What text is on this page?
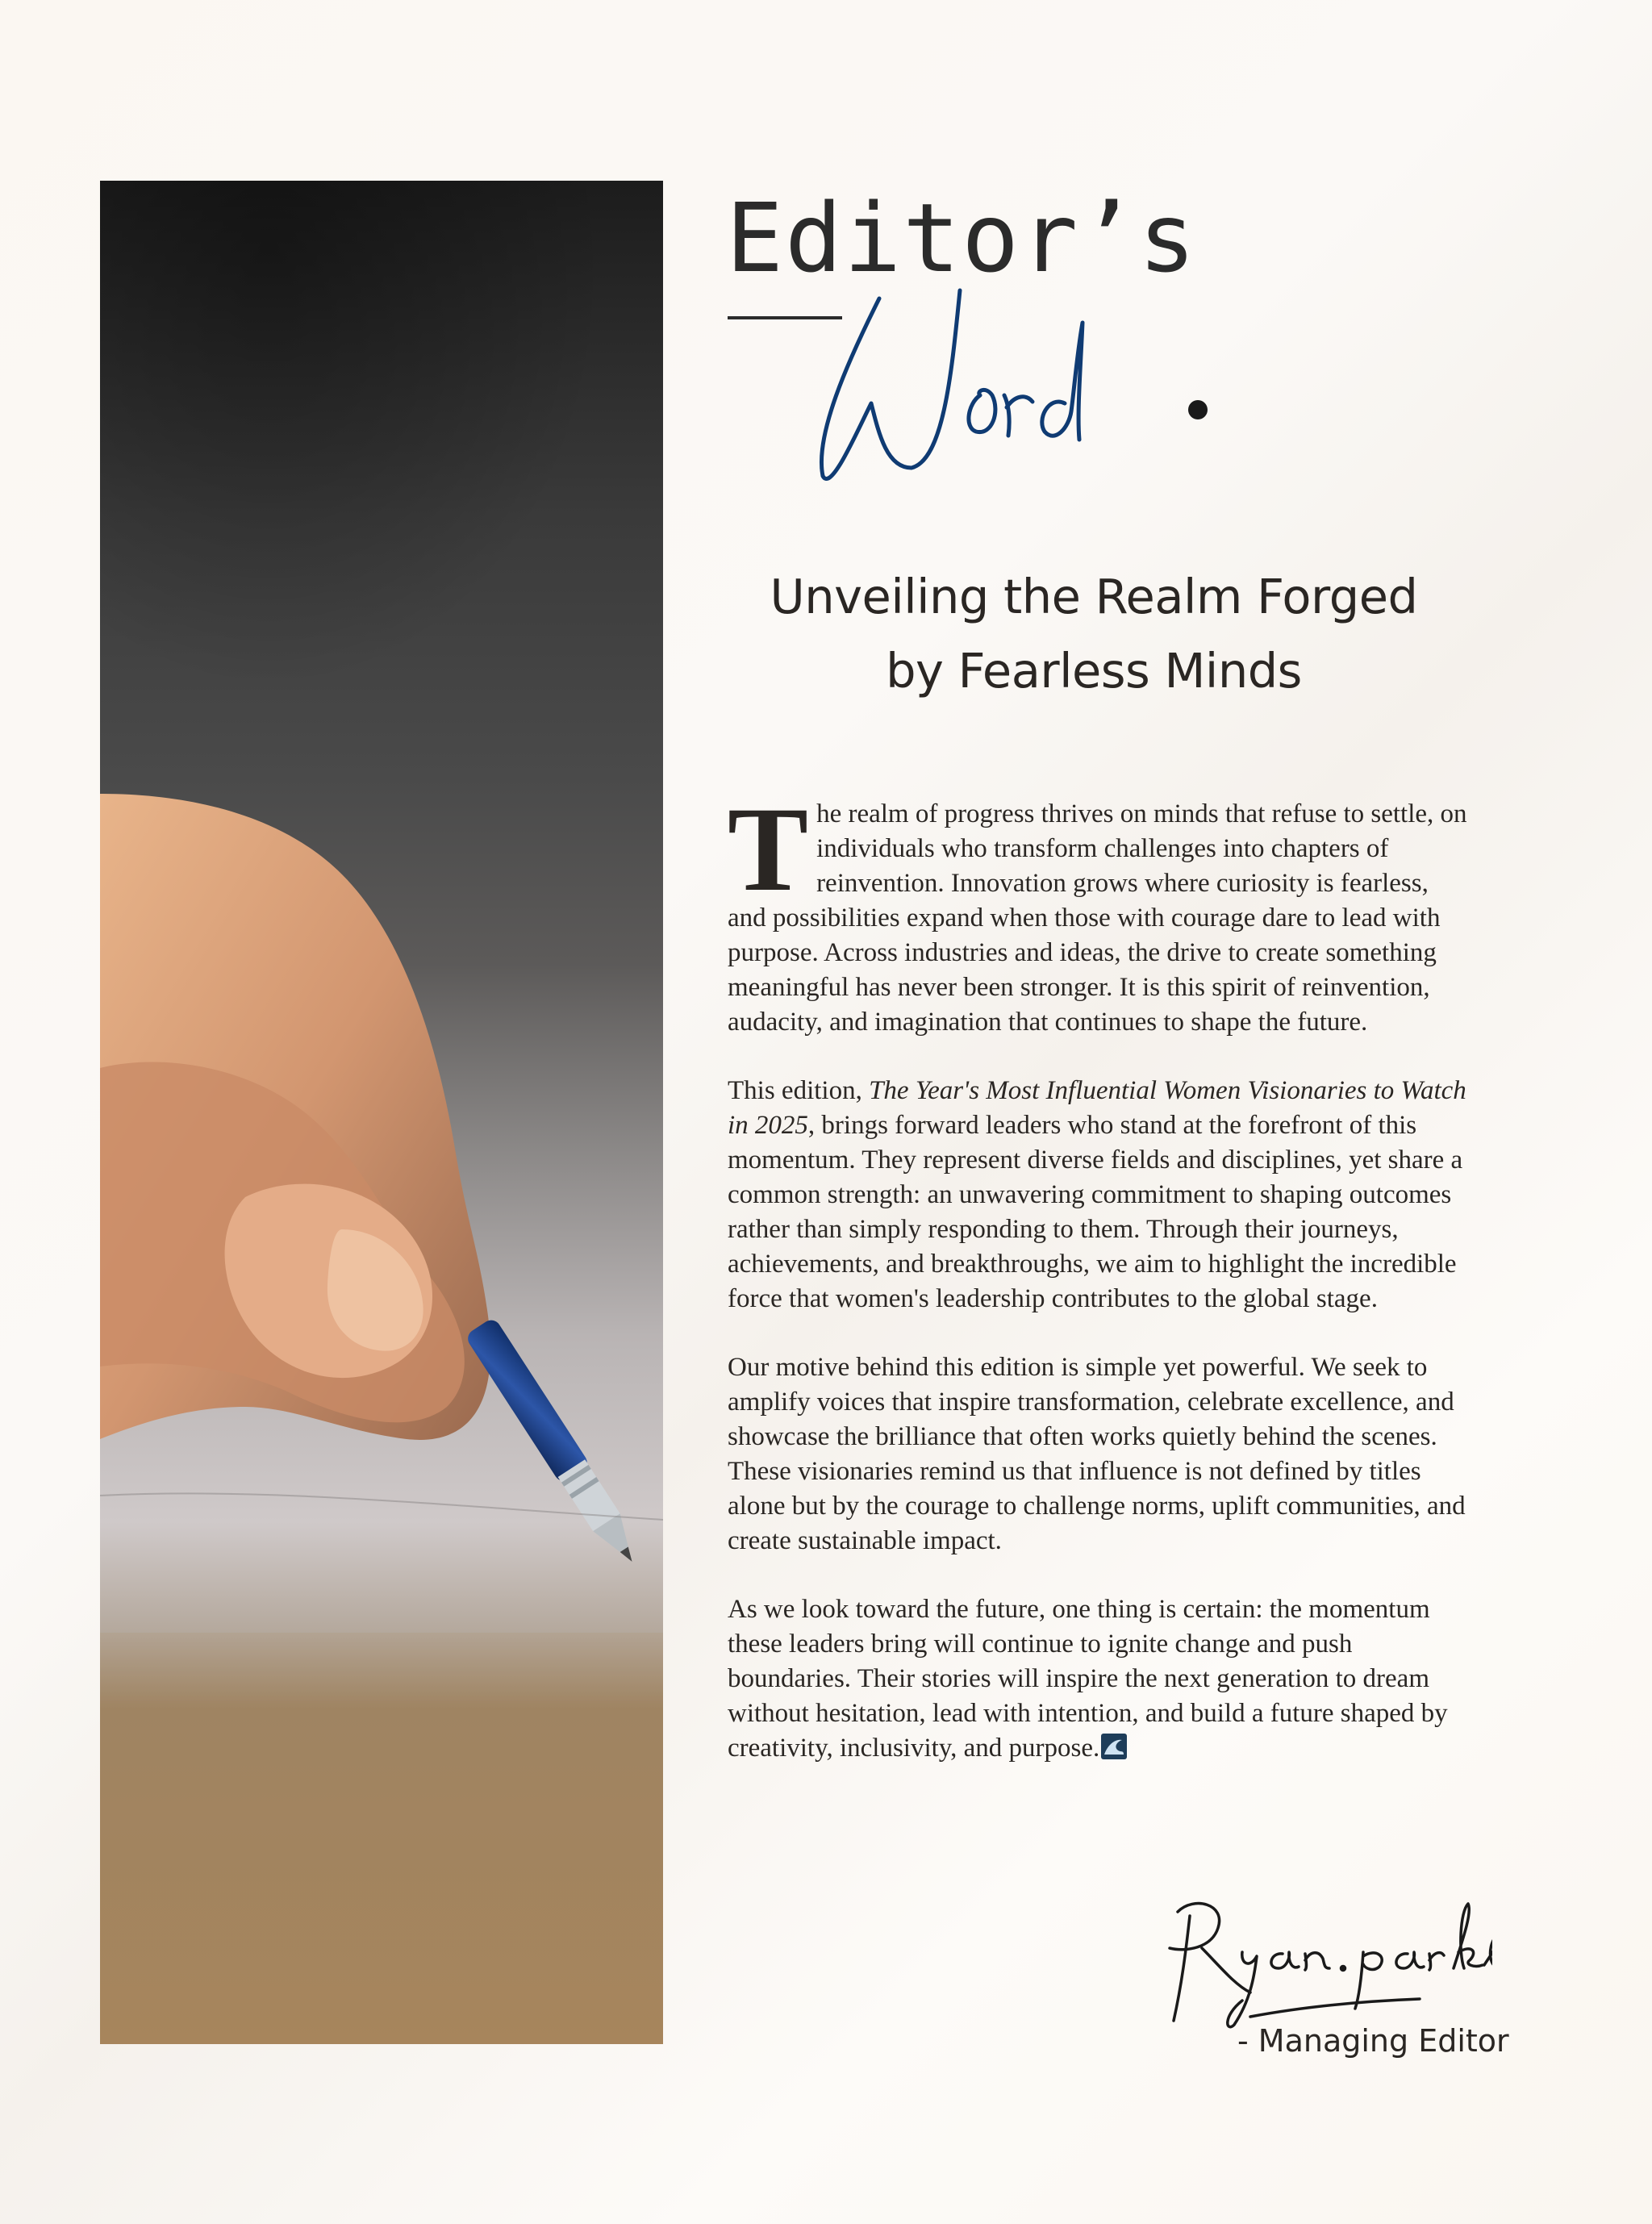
Editor’s
Unveiling the Realm Forged
by Fearless Minds

The realm of progress thrives on minds that refuse to settle, on individuals who transform challenges into chapters of reinvention. Innovation grows where curiosity is fearless, and possibilities expand when those with courage dare to lead with purpose. Across industries and ideas, the drive to create something meaningful has never been stronger. It is this spirit of reinvention, audacity, and imagination that continues to shape the future.

This edition, The Year's Most Influential Women Visionaries to Watch in 2025, brings forward leaders who stand at the forefront of this momentum. They represent diverse fields and disciplines, yet share a common strength: an unwavering commitment to shaping outcomes rather than simply responding to them. Through their journeys, achievements, and breakthroughs, we aim to highlight the incredible force that women's leadership contributes to the global stage.

Our motive behind this edition is simple yet powerful. We seek to amplify voices that inspire transformation, celebrate excellence, and showcase the brilliance that often works quietly behind the scenes. These visionaries remind us that influence is not defined by titles alone but by the courage to challenge norms, uplift communities, and create sustainable impact.

As we look toward the future, one thing is certain: the momentum these leaders bring will continue to ignite change and push boundaries. Their stories will inspire the next generation to dream without hesitation, lead with intention, and build a future shaped by creativity, inclusivity, and purpose.

- Managing Editor
